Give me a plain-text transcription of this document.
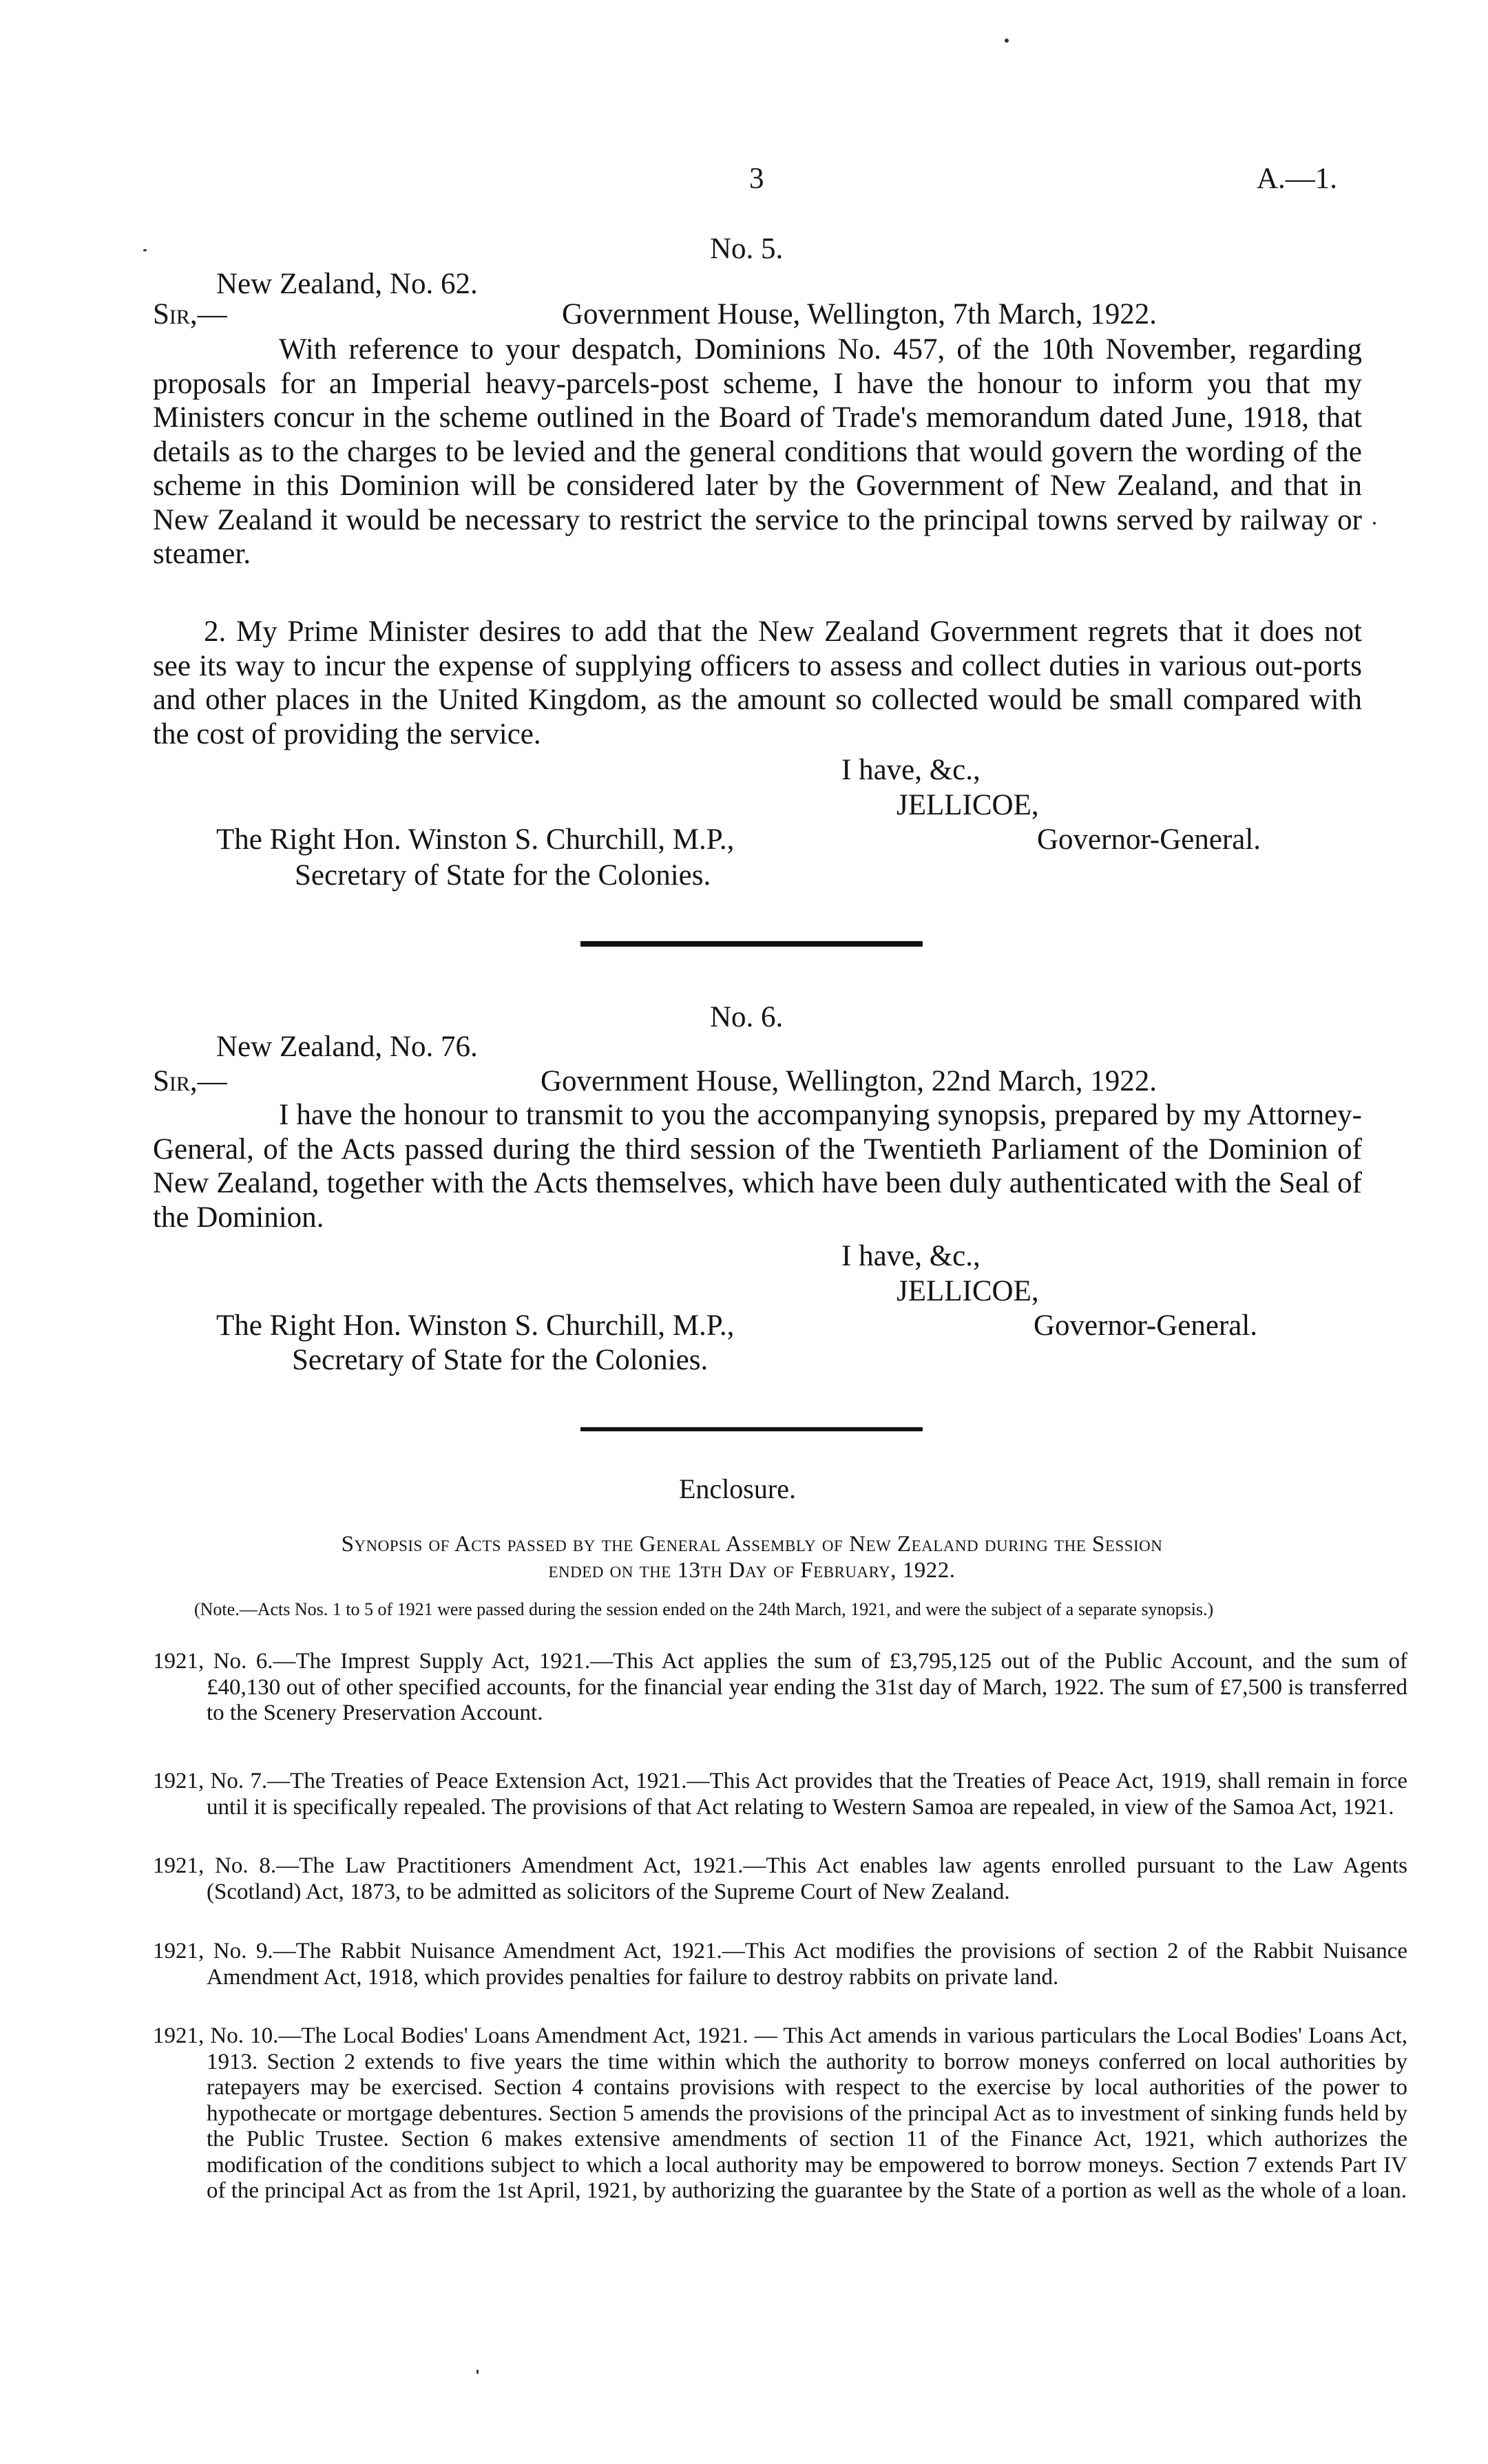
3	A.—1.
No. 5.
New Zealand, No. 62.
Sir,—	Government House, Wellington, 7th March, 1922.
With reference to your despatch, Dominions No. 457, of the 10th November, regarding proposals for an Imperial heavy-parcels-post scheme, I have the honour to inform you that my Ministers concur in the scheme outlined in the Board of Trade's memorandum dated June, 1918, that details as to the charges to be levied and the general conditions that would govern the wording of the scheme in this Dominion will be considered later by the Government of New Zealand, and that in New Zealand it would be necessary to restrict the service to the principal towns served by railway or steamer.
2. My Prime Minister desires to add that the New Zealand Government regrets that it does not see its way to incur the expense of supplying officers to assess and collect duties in various out-ports and other places in the United Kingdom, as the amount so collected would be small compared with the cost of providing the service.
I have, &c.,
JELLICOE,
The Right Hon. Winston S. Churchill, M.P.,	Governor-General.
Secretary of State for the Colonies.
No. 6.
New Zealand, No. 76.
Sir,—	Government House, Wellington, 22nd March, 1922.
I have the honour to transmit to you the accompanying synopsis, prepared by my Attorney-General, of the Acts passed during the third session of the Twentieth Parliament of the Dominion of New Zealand, together with the Acts themselves, which have been duly authenticated with the Seal of the Dominion.
I have, &c.,
JELLICOE,
The Right Hon. Winston S. Churchill, M.P.,	Governor-General.
Secretary of State for the Colonies.
Enclosure.
Synopsis of Acts passed by the General Assembly of New Zealand during the Session
ended on the 13th Day of February, 1922.
(Note.—Acts Nos. 1 to 5 of 1921 were passed during the session ended on the 24th March, 1921, and were the subject of a separate synopsis.)
1921, No. 6.—The Imprest Supply Act, 1921.—This Act applies the sum of £3,795,125 out of the Public Account, and the sum of £40,130 out of other specified accounts, for the financial year ending the 31st day of March, 1922. The sum of £7,500 is transferred to the Scenery Preservation Account.
1921, No. 7.—The Treaties of Peace Extension Act, 1921.—This Act provides that the Treaties of Peace Act, 1919, shall remain in force until it is specifically repealed. The provisions of that Act relating to Western Samoa are repealed, in view of the Samoa Act, 1921.
1921, No. 8.—The Law Practitioners Amendment Act, 1921.—This Act enables law agents enrolled pursuant to the Law Agents (Scotland) Act, 1873, to be admitted as solicitors of the Supreme Court of New Zealand.
1921, No. 9.—The Rabbit Nuisance Amendment Act, 1921.—This Act modifies the provisions of section 2 of the Rabbit Nuisance Amendment Act, 1918, which provides penalties for failure to destroy rabbits on private land.
1921, No. 10.—The Local Bodies' Loans Amendment Act, 1921. — This Act amends in various particulars the Local Bodies' Loans Act, 1913. Section 2 extends to five years the time within which the authority to borrow moneys conferred on local authorities by ratepayers may be exercised. Section 4 contains provisions with respect to the exercise by local authorities of the power to hypothecate or mortgage debentures. Section 5 amends the provisions of the principal Act as to investment of sinking funds held by the Public Trustee. Section 6 makes extensive amendments of section 11 of the Finance Act, 1921, which authorizes the modification of the conditions subject to which a local authority may be empowered to borrow moneys. Section 7 extends Part IV of the principal Act as from the 1st April, 1921, by authorizing the guarantee by the State of a portion as well as the whole of a loan.
